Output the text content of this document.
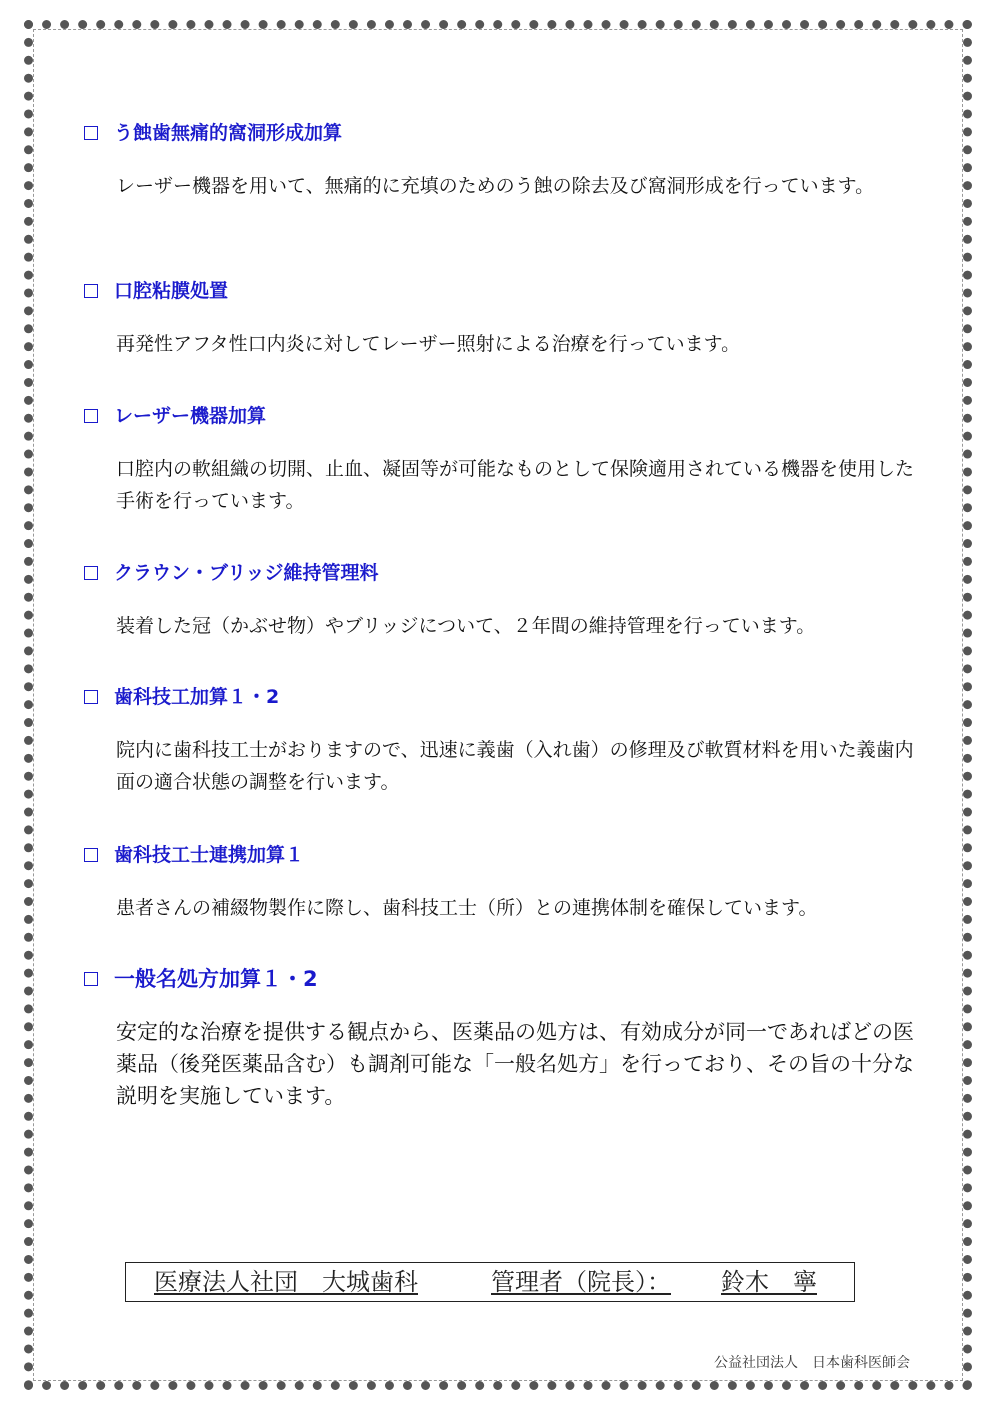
う蝕歯無痛的窩洞形成加算
レーザー機器を用いて、無痛的に充填のためのう蝕の除去及び窩洞形成を行っています。
口腔粘膜処置
再発性アフタ性口内炎に対してレーザー照射による治療を行っています。
レーザー機器加算
口腔内の軟組織の切開、止血、凝固等が可能なものとして保険適用されている機器を使用した手術を行っています。
クラウン・ブリッジ維持管理料
装着した冠（かぶせ物）やブリッジについて、２年間の維持管理を行っています。
歯科技工加算１・2
院内に歯科技工士がおりますので、迅速に義歯（入れ歯）の修理及び軟質材料を用いた義歯内面の適合状態の調整を行います。
歯科技工士連携加算１
患者さんの補綴物製作に際し、歯科技工士（所）との連携体制を確保しています。
一般名処方加算１・2
安定的な治療を提供する観点から、医薬品の処方は、有効成分が同一であればどの医薬品（後発医薬品含む）も調剤可能な「一般名処方」を行っており、その旨の十分な説明を実施しています。
医療法人社団　大城歯科	管理者（院長）： 鈴木　寧
公益社団法人　日本歯科医師会
